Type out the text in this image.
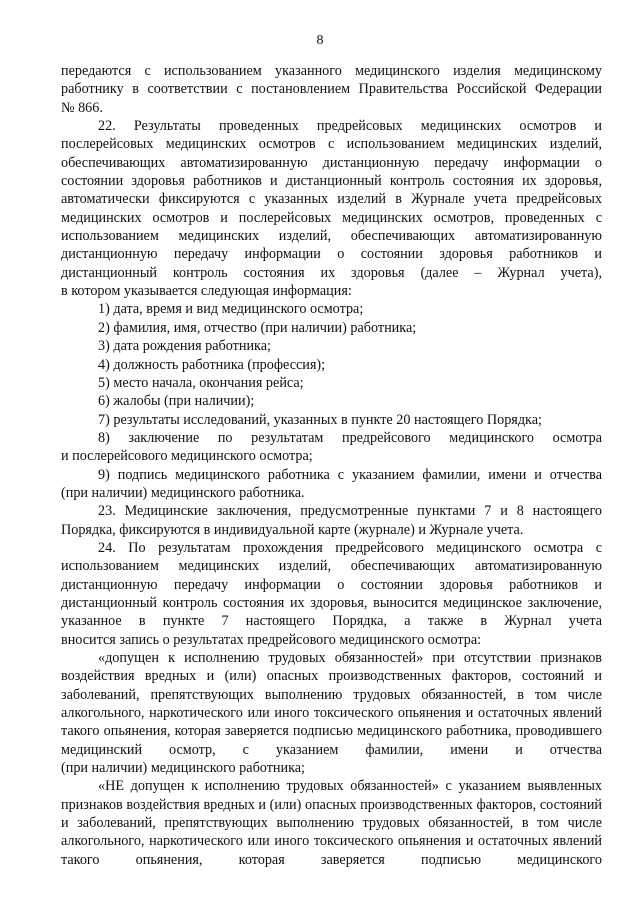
8

передаются с использованием указанного медицинского изделия медицинскому работнику в соответствии с постановлением Правительства Российской Федерации

№ 866.

22. Результаты проведенных предрейсовых медицинских осмотров и послерейсовых медицинских осмотров с использованием медицинских изделий, обеспечивающих автоматизированную дистанционную передачу информации о состоянии здоровья работников и дистанционный контроль состояния их здоровья, автоматически фиксируются с указанных изделий в Журнале учета предрейсовых медицинских осмотров и послерейсовых медицинских осмотров, проведенных с использованием медицинских изделий, обеспечивающих автоматизированную дистанционную передачу информации о состоянии здоровья работников и дистанционный контроль состояния их здоровья (далее – Журнал учета),

в котором указывается следующая информация:

1) дата, время и вид медицинского осмотра;

2) фамилия, имя, отчество (при наличии) работника;

3) дата рождения работника;

4) должность работника (профессия);

5) место начала, окончания рейса;

6) жалобы (при наличии);

7) результаты исследований, указанных в пункте 20 настоящего Порядка;

8) заключение по результатам предрейсового медицинского осмотра

и послерейсового медицинского осмотра;

9) подпись медицинского работника с указанием фамилии, имени и отчества

(при наличии) медицинского работника.

23. Медицинские заключения, предусмотренные пунктами 7 и 8 настоящего

Порядка, фиксируются в индивидуальной карте (журнале) и Журнале учета.

24. По результатам прохождения предрейсового медицинского осмотра с использованием медицинских изделий, обеспечивающих автоматизированную дистанционную передачу информации о состоянии здоровья работников и дистанционный контроль состояния их здоровья, выносится медицинское заключение, указанное в пункте 7 настоящего Порядка, а также в Журнал учета

вносится запись о результатах предрейсового медицинского осмотра:

«допущен к исполнению трудовых обязанностей» при отсутствии признаков воздействия вредных и (или) опасных производственных факторов, состояний и заболеваний, препятствующих выполнению трудовых обязанностей, в том числе алкогольного, наркотического или иного токсического опьянения и остаточных явлений такого опьянения, которая заверяется подписью медицинского работника, проводившего медицинский осмотр, с указанием фамилии, имени и отчества

(при наличии) медицинского работника;

«НЕ допущен к исполнению трудовых обязанностей» с указанием выявленных признаков воздействия вредных и (или) опасных производственных факторов, состояний и заболеваний, препятствующих выполнению трудовых обязанностей, в том числе алкогольного, наркотического или иного токсического опьянения и остаточных явлений такого опьянения, которая заверяется подписью медицинского
